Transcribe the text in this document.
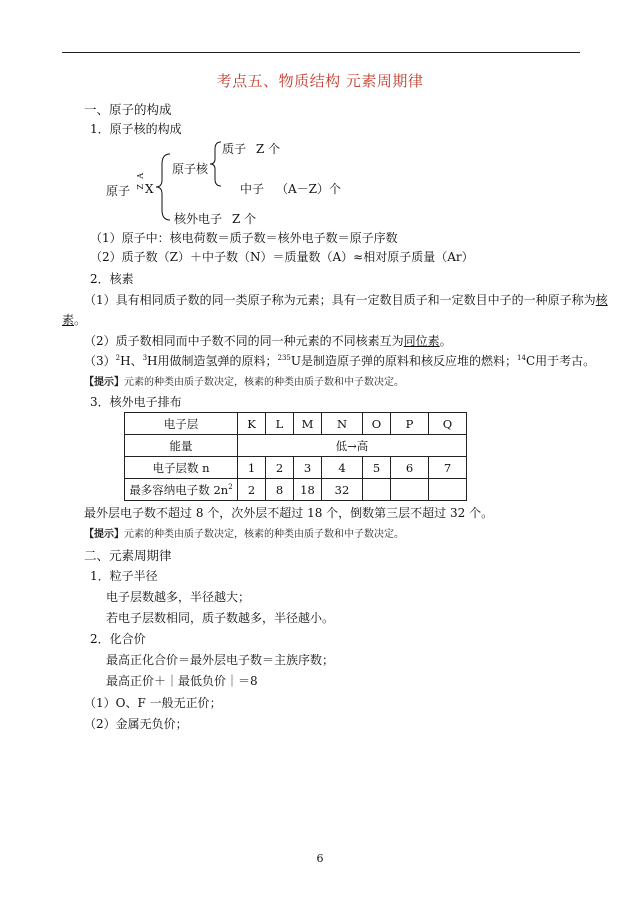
考点五、物质结构 元素周期律
一、原子的构成
1．原子核的构成
原子
A
Z X
原子核
质子 Z 个
中子 （A－Z）个
核外电子 Z 个
（1）原子中：核电荷数＝质子数＝核外电子数＝原子序数
（2）质子数（Z）＋中子数（N）＝质量数（A）≈相对原子质量（Ar）
2．核素
（1）具有相同质子数的同一类原子称为元素；具有一定数目质子和一定数目中子的一种原子称为核
素。
（2）质子数相同而中子数不同的同一种元素的不同核素互为同位素。
$(3)^2H$、$^3$H用做制造氢弹的原料；$^{235}$U是制造原子弹的原料和核反应堆的燃料；$^{14}$C用于考古。
【提示】元素的种类由质子数决定，核素的种类由质子数和中子数决定。
3．核外电子排布
电子层	K	L	M	N	O	P	Q
能量	低→高						
电子层数 n	1	2	3	4	5	6	7
最多容纳电子数 $2n^2$	2	8	18	32			
最外层电子数不超过 8 个，次外层不超过 18 个，倒数第三层不超过 32 个。
【提示】元素的种类由质子数决定，核素的种类由质子数和中子数决定。
二、元素周期律
1．粒子半径
电子层数越多，半径越大；
若电子层数相同，质子数越多，半径越小。
2．化合价
最高正化合价＝最外层电子数＝主族序数；
最高正价＋｜最低负价｜＝8
（1）O、F 一般无正价；
（2）金属无负价；
6
